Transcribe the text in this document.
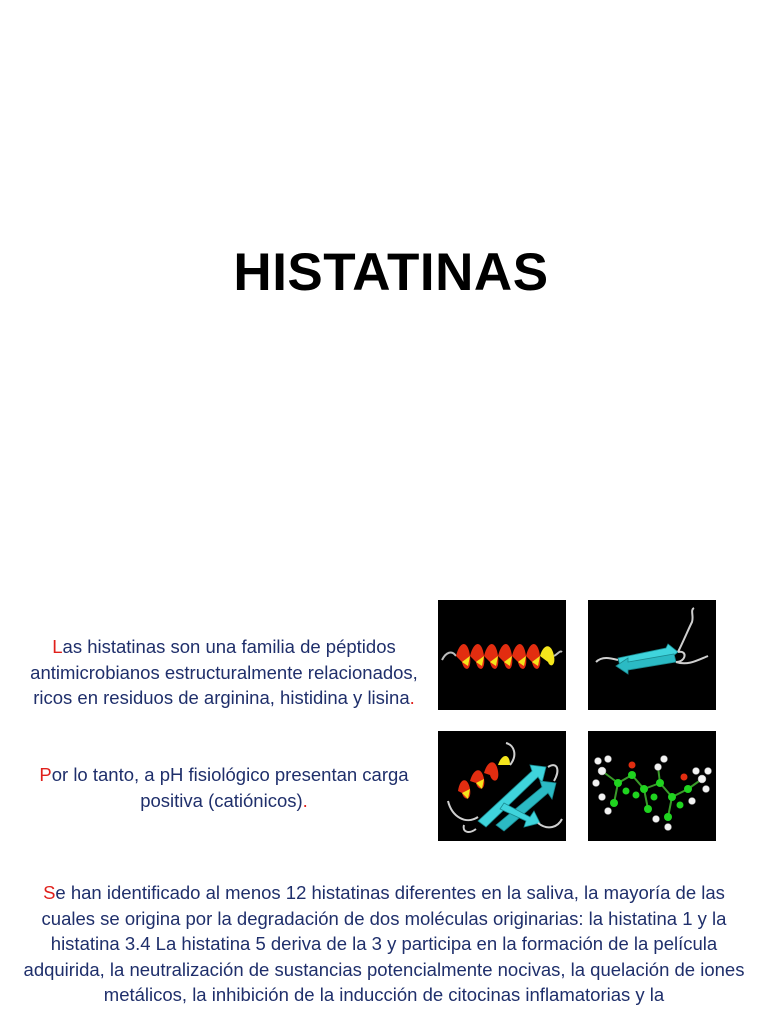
HISTATINAS

Las histatinas son una familia de péptidos antimicrobianos estructuralmente relacionados, ricos en residuos de arginina, histidina y lisina.

Por lo tanto, a pH fisiológico presentan carga positiva (catiónicos).

Se han identificado al menos 12 histatinas diferentes en la saliva, la mayoría de las cuales se origina por la degradación de dos moléculas originarias: la histatina 1 y la histatina 3.4 La histatina 5 deriva de la 3 y participa en la formación de la película adquirida, la neutralización de sustancias potencialmente nocivas, la quelación de iones metálicos, la inhibición de la inducción de citocinas inflamatorias y la
